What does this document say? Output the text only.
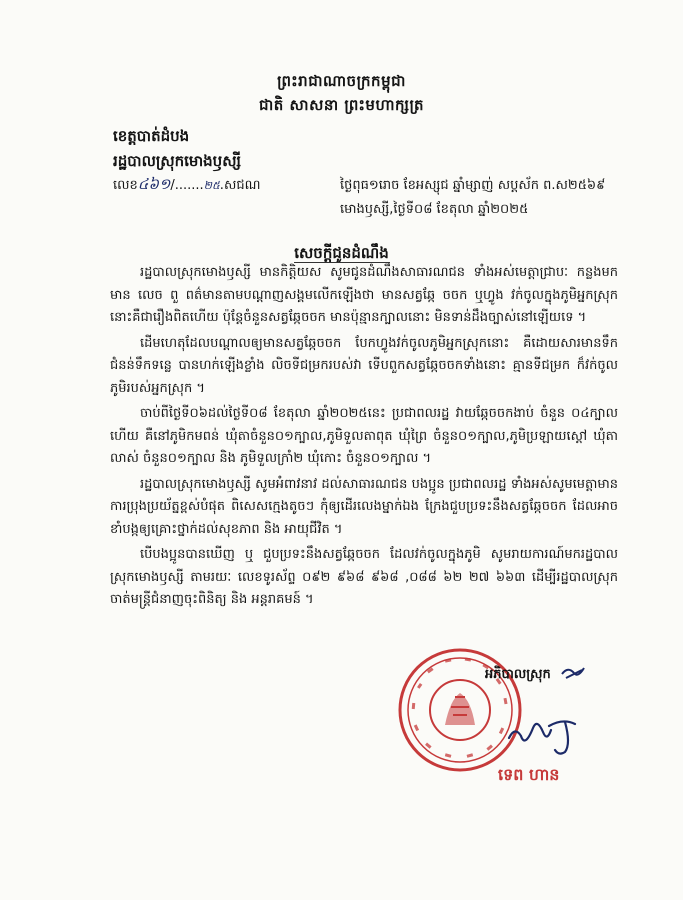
ព្រះរាជាណាចក្រកម្ពុជា
ជាតិ សាសនា ព្រះមហាក្សត្រ
ខេត្តបាត់ដំបង
រដ្ឋបាលស្រុកមោងឫស្សី
លេខ៤៦១/.......២៥.សជណ	ថ្ងៃពុធ១រោច ខែអស្សុជ ឆ្នាំម្សាញ់ សប្តស័ក ព.ស២៥៦៩
មោងឫស្សី,ថ្ងៃទី០៨ ខែតុលា ឆ្នាំ២០២៥
សេចក្តីជូនដំណឹង

រដ្ឋបាលស្រុកមោងឫស្សី មានកិត្តិយស សូមជូនដំណឹងសាធារណជន ទាំងអស់មេត្តាជ្រាបៈ កន្លងមកមាន លេច ពួ ពត៌មានតាមបណ្តាញសង្គមលើកឡើងថា មានសត្វឆ្កែ ចចក ឬហ្វូង វក់ចូលក្នុងភូមិអ្នកស្រុក នោះគឺជារឿងពិតហើយ ប៉ុន្តែចំនួនសត្វឆ្កែចចក មានប៉ុន្មានក្បាលនោះ មិនទាន់ដឹងច្បាស់នៅឡើយទេ ។

ដើមហេតុដែលបណ្តាលឲ្យមានសត្វឆ្កែចចក បែកហ្វូងវក់ចូលភូមិអ្នកស្រុកនោះ គឺដោយសារមានទឹកជំនន់ទឹកទន្លេ បានហក់ឡើងខ្លាំង លិចទីជម្រករបស់វា ទើបពួកសត្វឆ្កែចចកទាំងនោះ គ្មានទីជម្រក ក៏វក់ចូលភូមិរបស់អ្នកស្រុក ។

ចាប់ពីថ្ងៃទី០៦ដល់ថ្ងៃទី០៨ ខែតុលា ឆ្នាំ២០២៥នេះ ប្រជាពលរដ្ឋ វាយឆ្កែចចកងាប់ ចំនួន ០៤ក្បាលហើយ គឺនៅភូមិកមពន់ ឃុំតាចំនួន០១ក្បាល,ភូមិទួលតាពុត ឃុំព្រៃ ចំនួន០១ក្បាល,ភូមិប្រឡាយស្តៅ ឃុំតាលាស់ ចំនួន០១ក្បាល និង ភូមិទួលក្រាំ២ ឃុំកោះ ចំនួន០១ក្បាល ។

រដ្ឋបាលស្រុកមោងឫស្សី សូមអំពាវនាវ ដល់សាធារណជន បងប្អូន ប្រជាពលរដ្ឋ ទាំងអស់សូមមេត្តាមានការប្រុងប្រយ័ត្នខ្ពស់បំផុត ពិសេសក្មេងតូចៗ កុំឲ្យដើរលេងម្នាក់ឯង ក្រែងជួបប្រទះនឹងសត្វឆ្កែចចក ដែលអាច ខាំបង្កឲ្យគ្រោះថ្នាក់ដល់សុខភាព និង អាយុជីវិត ។

បើបងប្អូនបានឃើញ ឬ ជួបប្រទះនឹងសត្វឆ្កែចចក ដែលវក់ចូលក្នុងភូមិ សូមរាយការណ៍មករដ្ឋបាលស្រុកមោងឫស្សី តាមរយៈ លេខទូរស័ព្ទ ០៩២ ៩៦៨ ៩៦៨ ,០៨៨ ៦២ ២៧ ៦៦៣ ដើម្បីរដ្ឋបាលស្រុក ចាត់មន្ត្រីជំនាញចុះពិនិត្យ និង អន្តរាគមន៍ ។

អភិបាលស្រុក
ទេព ហាន
